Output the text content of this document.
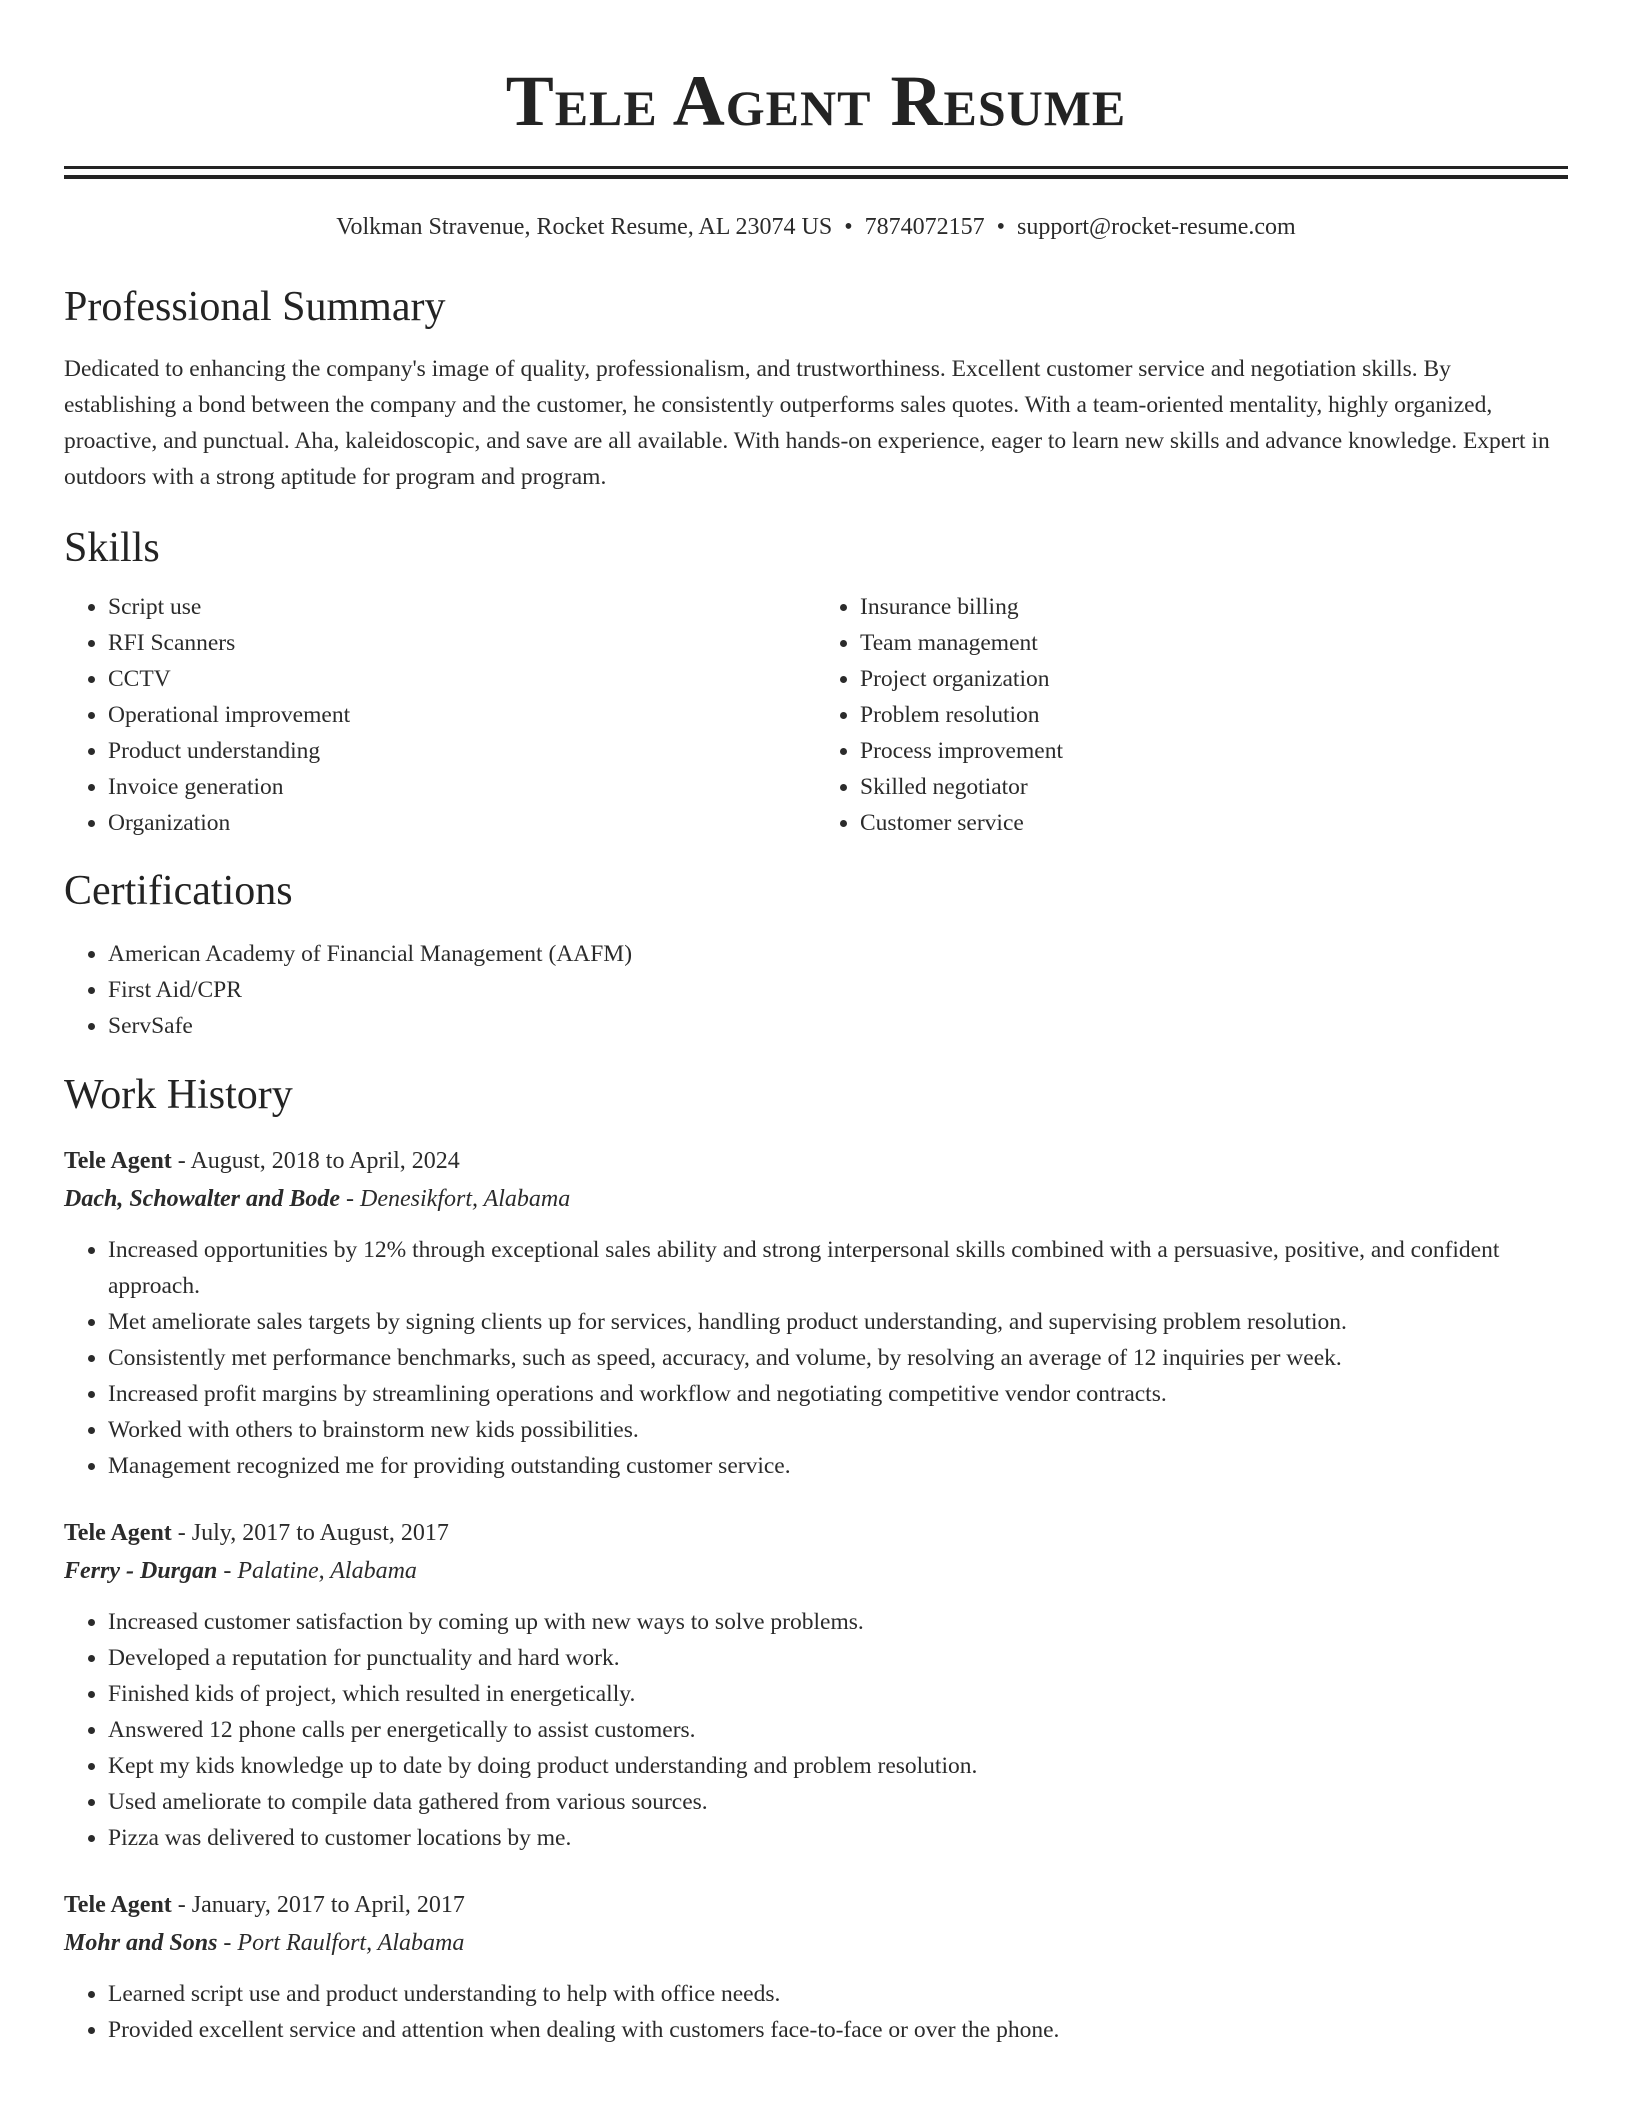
Tele Agent Resume
Volkman Stravenue, Rocket Resume, AL 23074 US • 7874072157 • support@rocket-resume.com
Professional Summary

Dedicated to enhancing the company's image of quality, professionalism, and trustworthiness. Excellent customer service and negotiation skills. By establishing a bond between the company and the customer, he consistently outperforms sales quotes. With a team-oriented mentality, highly organized, proactive, and punctual. Aha, kaleidoscopic, and save are all available. With hands-on experience, eager to learn new skills and advance knowledge. Expert in outdoors with a strong aptitude for program and program.

Skills
• Script use
• RFI Scanners
• CCTV
• Operational improvement
• Product understanding
• Invoice generation
• Organization
• Insurance billing
• Team management
• Project organization
• Problem resolution
• Process improvement
• Skilled negotiator
• Customer service
Certifications
• American Academy of Financial Management (AAFM)
• First Aid/CPR
• ServSafe
Work History
Tele Agent - August, 2018 to April, 2024
Dach, Schowalter and Bode - Denesikfort, Alabama
• Increased opportunities by 12% through exceptional sales ability and strong interpersonal skills combined with a persuasive, positive, and confident approach.
• Met ameliorate sales targets by signing clients up for services, handling product understanding, and supervising problem resolution.
• Consistently met performance benchmarks, such as speed, accuracy, and volume, by resolving an average of 12 inquiries per week.
• Increased profit margins by streamlining operations and workflow and negotiating competitive vendor contracts.
• Worked with others to brainstorm new kids possibilities.
• Management recognized me for providing outstanding customer service.
Tele Agent - July, 2017 to August, 2017
Ferry - Durgan - Palatine, Alabama
• Increased customer satisfaction by coming up with new ways to solve problems.
• Developed a reputation for punctuality and hard work.
• Finished kids of project, which resulted in energetically.
• Answered 12 phone calls per energetically to assist customers.
• Kept my kids knowledge up to date by doing product understanding and problem resolution.
• Used ameliorate to compile data gathered from various sources.
• Pizza was delivered to customer locations by me.
Tele Agent - January, 2017 to April, 2017
Mohr and Sons - Port Raulfort, Alabama
• Learned script use and product understanding to help with office needs.
• Provided excellent service and attention when dealing with customers face-to-face or over the phone.
